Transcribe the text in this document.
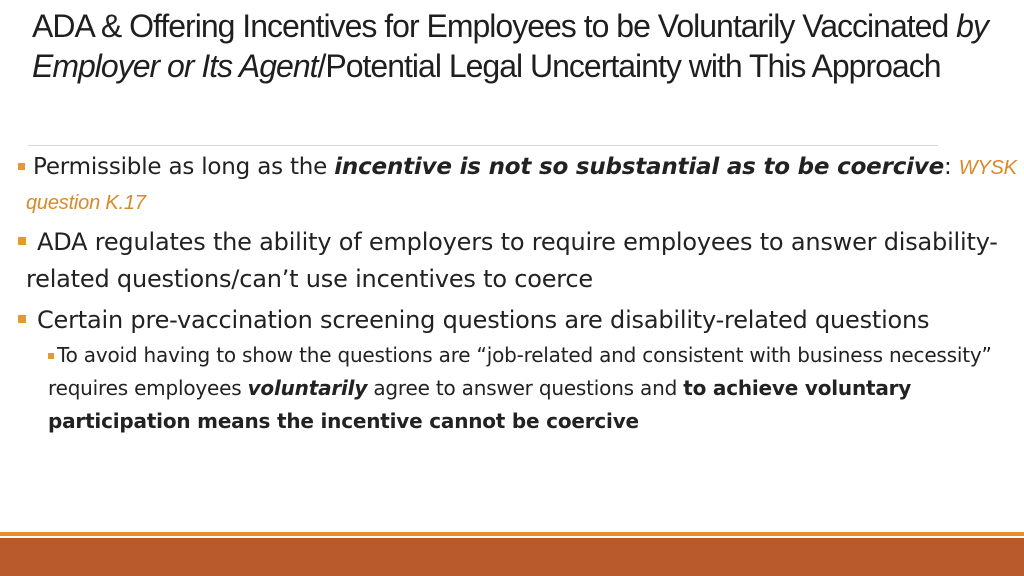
ADA & Offering Incentives for Employees to be Voluntarily Vaccinated by Employer or Its Agent/Potential Legal Uncertainty with This Approach

Permissible as long as the incentive is not so substantial as to be coercive: WYSK question K.17

ADA regulates the ability of employers to require employees to answer disability-related questions/can’t use incentives to coerce

Certain pre-vaccination screening questions are disability-related questions

To avoid having to show the questions are “job-related and consistent with business necessity” requires employees voluntarily agree to answer questions and to achieve voluntary participation means the incentive cannot be coercive
